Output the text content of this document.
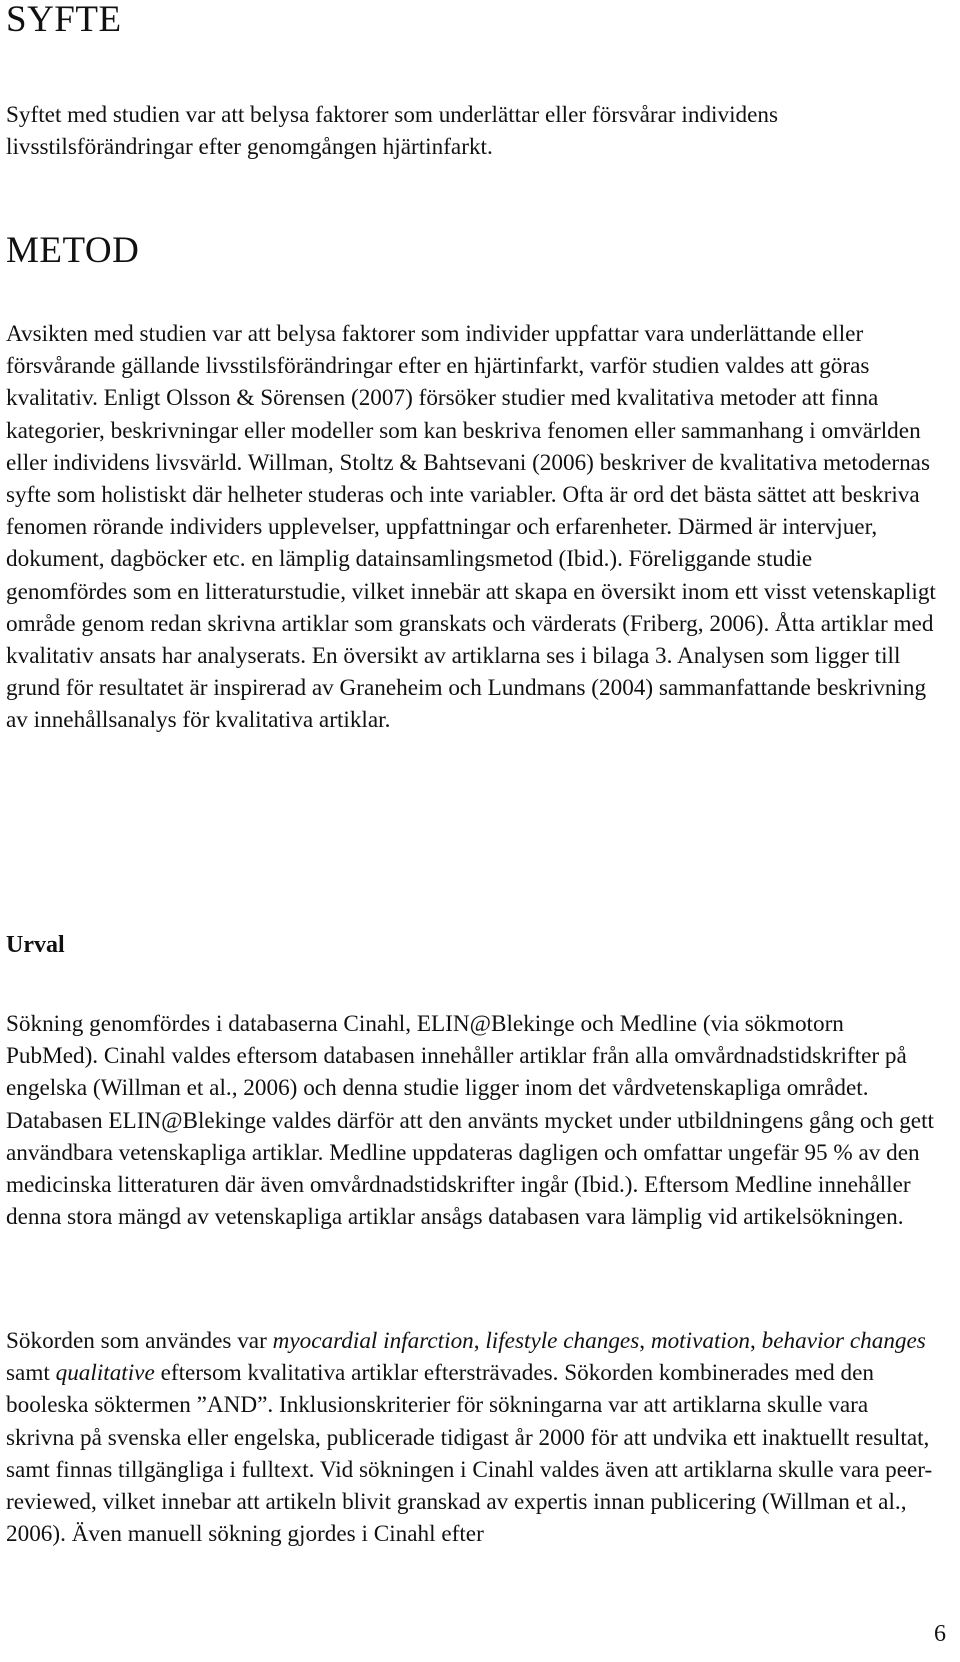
SYFTE

Syftet med studien var att belysa faktorer som underlättar eller försvårar individens livsstilsförändringar efter genomgången hjärtinfarkt.

METOD

Avsikten med studien var att belysa faktorer som individer uppfattar vara underlättande eller försvårande gällande livsstilsförändringar efter en hjärtinfarkt, varför studien valdes att göras kvalitativ. Enligt Olsson & Sörensen (2007) försöker studier med kvalitativa metoder att finna kategorier, beskrivningar eller modeller som kan beskriva fenomen eller sammanhang i omvärlden eller individens livsvärld. Willman, Stoltz & Bahtsevani (2006) beskriver de kvalitativa metodernas syfte som holistiskt där helheter studeras och inte variabler. Ofta är ord det bästa sättet att beskriva fenomen rörande individers upplevelser, uppfattningar och erfarenheter. Därmed är intervjuer, dokument, dagböcker etc. en lämplig datainsamlingsmetod (Ibid.). Föreliggande studie genomfördes som en litteraturstudie, vilket innebär att skapa en översikt inom ett visst vetenskapligt område genom redan skrivna artiklar som granskats och värderats (Friberg, 2006). Åtta artiklar med kvalitativ ansats har analyserats. En översikt av artiklarna ses i bilaga 3. Analysen som ligger till grund för resultatet är inspirerad av Graneheim och Lundmans (2004) sammanfattande beskrivning av innehållsanalys för kvalitativa artiklar.

Urval

Sökning genomfördes i databaserna Cinahl, ELIN@Blekinge och Medline (via sökmotorn PubMed). Cinahl valdes eftersom databasen innehåller artiklar från alla omvårdnadstidskrifter på engelska (Willman et al., 2006) och denna studie ligger inom det vårdvetenskapliga området. Databasen ELIN@Blekinge valdes därför att den använts mycket under utbildningens gång och gett användbara vetenskapliga artiklar. Medline uppdateras dagligen och omfattar ungefär 95 % av den medicinska litteraturen där även omvårdnadstidskrifter ingår (Ibid.). Eftersom Medline innehåller denna stora mängd av vetenskapliga artiklar ansågs databasen vara lämplig vid artikelsökningen.

Sökorden som användes var myocardial infarction, lifestyle changes, motivation, behavior changes samt qualitative eftersom kvalitativa artiklar eftersträvades. Sökorden kombinerades med den booleska söktermen ”AND”. Inklusionskriterier för sökningarna var att artiklarna skulle vara skrivna på svenska eller engelska, publicerade tidigast år 2000 för att undvika ett inaktuellt resultat, samt finnas tillgängliga i fulltext. Vid sökningen i Cinahl valdes även att artiklarna skulle vara peer-reviewed, vilket innebar att artikeln blivit granskad av expertis innan publicering (Willman et al., 2006). Även manuell sökning gjordes i Cinahl efter

6
